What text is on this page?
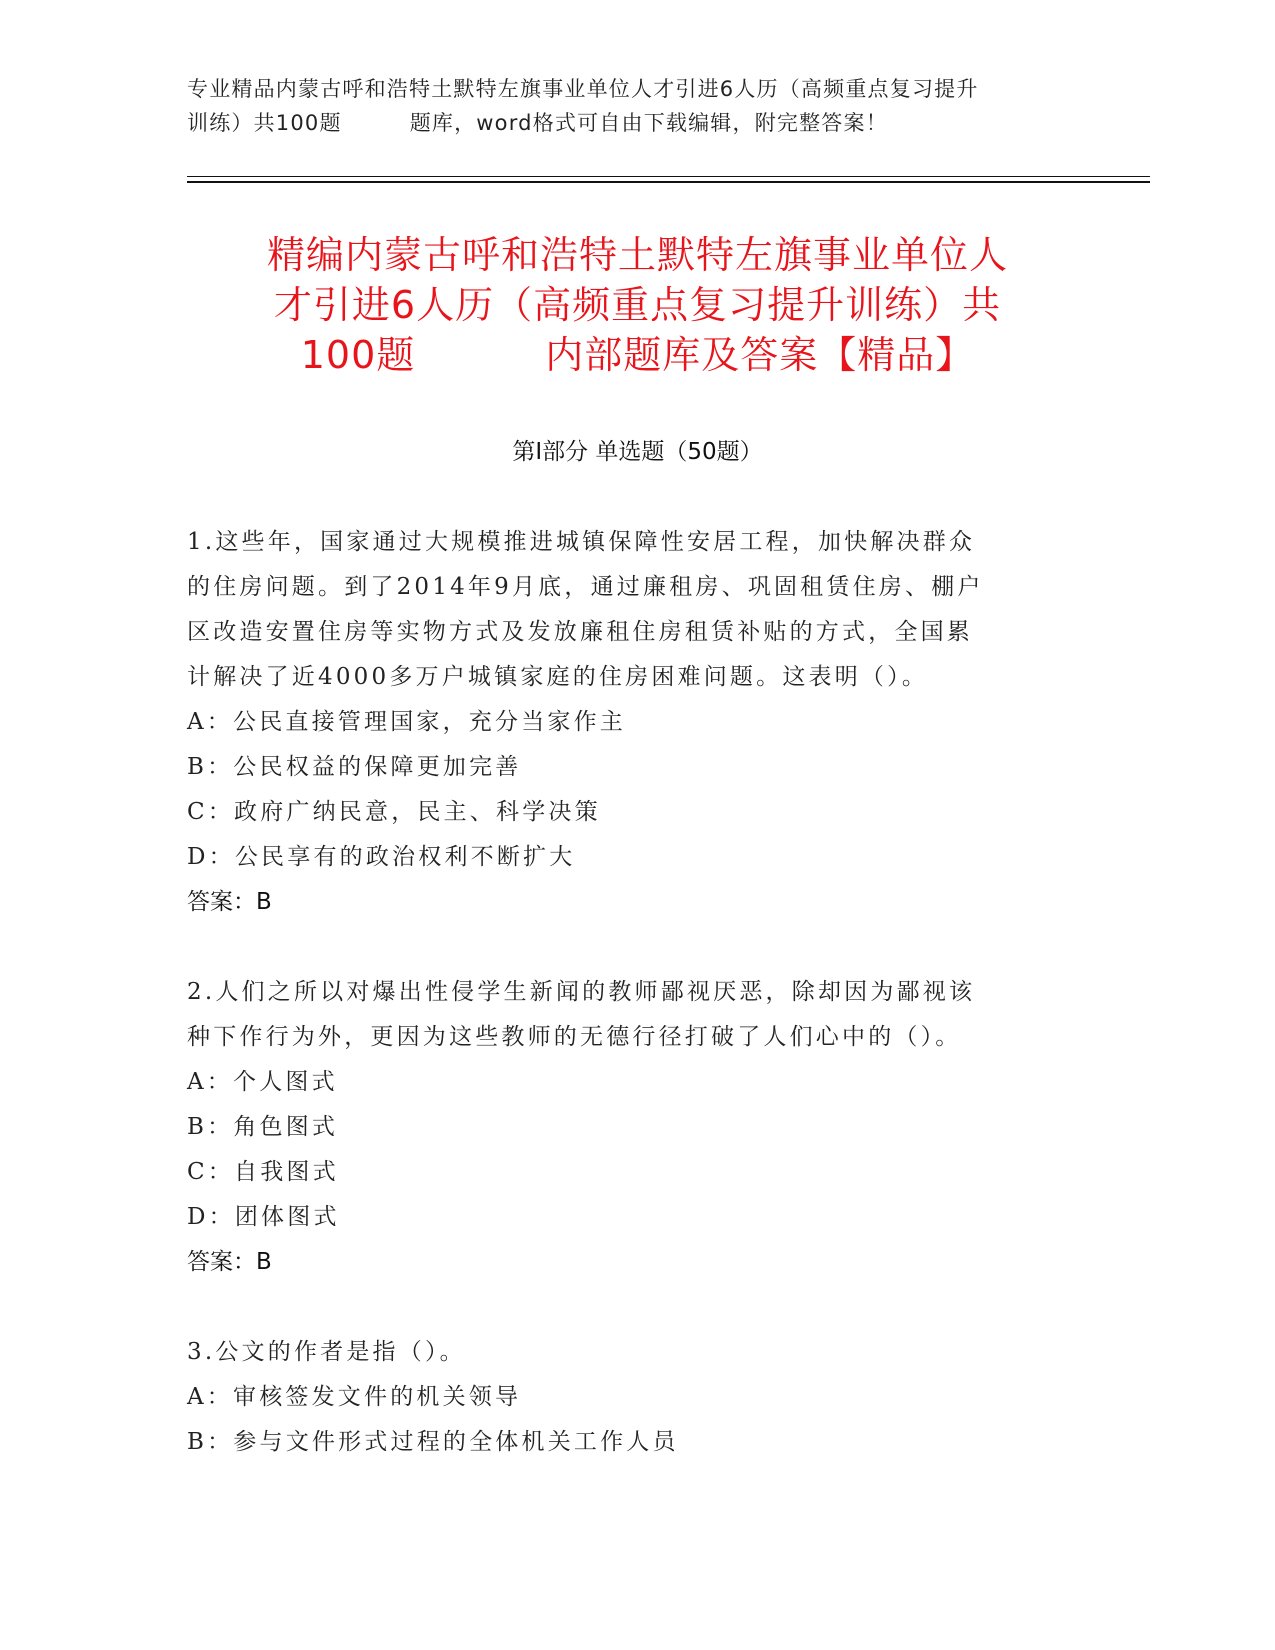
专业精品内蒙古呼和浩特土默特左旗事业单位人才引进6人历（高频重点复习提升
训练）共100题	题库，word格式可自由下载编辑，附完整答案！
精编内蒙古呼和浩特土默特左旗事业单位人
才引进6人历（高频重点复习提升训练）共
100题	内部题库及答案【精品】
第Ⅰ部分 单选题（50题）

1.这些年，国家通过大规模推进城镇保障性安居工程，加快解决群众

的住房问题。到了2014年9月底，通过廉租房、巩固租赁住房、棚户

区改造安置住房等实物方式及发放廉租住房租赁补贴的方式，全国累

计解决了近4000多万户城镇家庭的住房困难问题。这表明（）。

A：公民直接管理国家，充分当家作主

B：公民权益的保障更加完善

C：政府广纳民意，民主、科学决策

D：公民享有的政治权利不断扩大

答案：B

2.人们之所以对爆出性侵学生新闻的教师鄙视厌恶，除却因为鄙视该

种下作行为外，更因为这些教师的无德行径打破了人们心中的（）。

A：个人图式

B：角色图式

C：自我图式

D：团体图式

答案：B

3.公文的作者是指（）。

A：审核签发文件的机关领导

B：参与文件形式过程的全体机关工作人员
